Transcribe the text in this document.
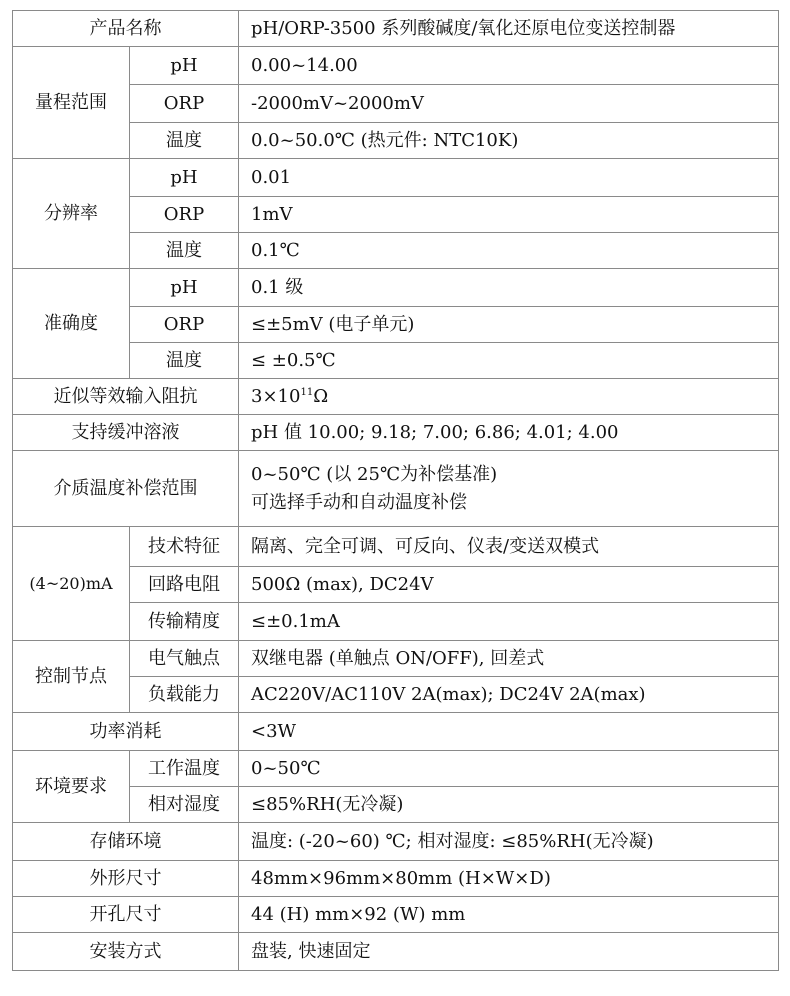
产品名称		pH/ORP-3500 系列酸碱度/氧化还原电位变送控制器
量程范围	pH	0.00~14.00
	ORP	-2000mV~2000mV
	温度	0.0~50.0℃ (热元件: NTC10K)
分辨率	pH	0.01
	ORP	1mV
	温度	0.1℃
准确度	pH	0.1 级
	ORP	≤±5mV (电子单元)
	温度	≤ ±0.5℃
近似等效输入阻抗		$3\times 10^{11}\Omega$
支持缓冲溶液		pH 值 10.00; 9.18; 7.00; 6.86; 4.01; 4.00
介质温度补偿范围		0~50℃ (以 25℃为补偿基准)
可选择手动和自动温度补偿

(4~20)mA	技术特征	隔离、完全可调、可反向、仪表/变送双模式
	回路电阻	500Ω (max), DC24V
	传输精度	≤±0.1mA
控制节点	电气触点	双继电器 (单触点 ON/OFF), 回差式
	负载能力	AC220V/AC110V 2A(max); DC24V 2A(max)
功率消耗		<3W
环境要求	工作温度	0~50℃
	相对湿度	≤85%RH(无冷凝)
存储环境		温度: (-20~60) ℃; 相对湿度: ≤85%RH(无冷凝)
外形尺寸		48mm×96mm×80mm (H×W×D)
开孔尺寸		44 (H) mm×92 (W) mm
安装方式		盘装, 快速固定
